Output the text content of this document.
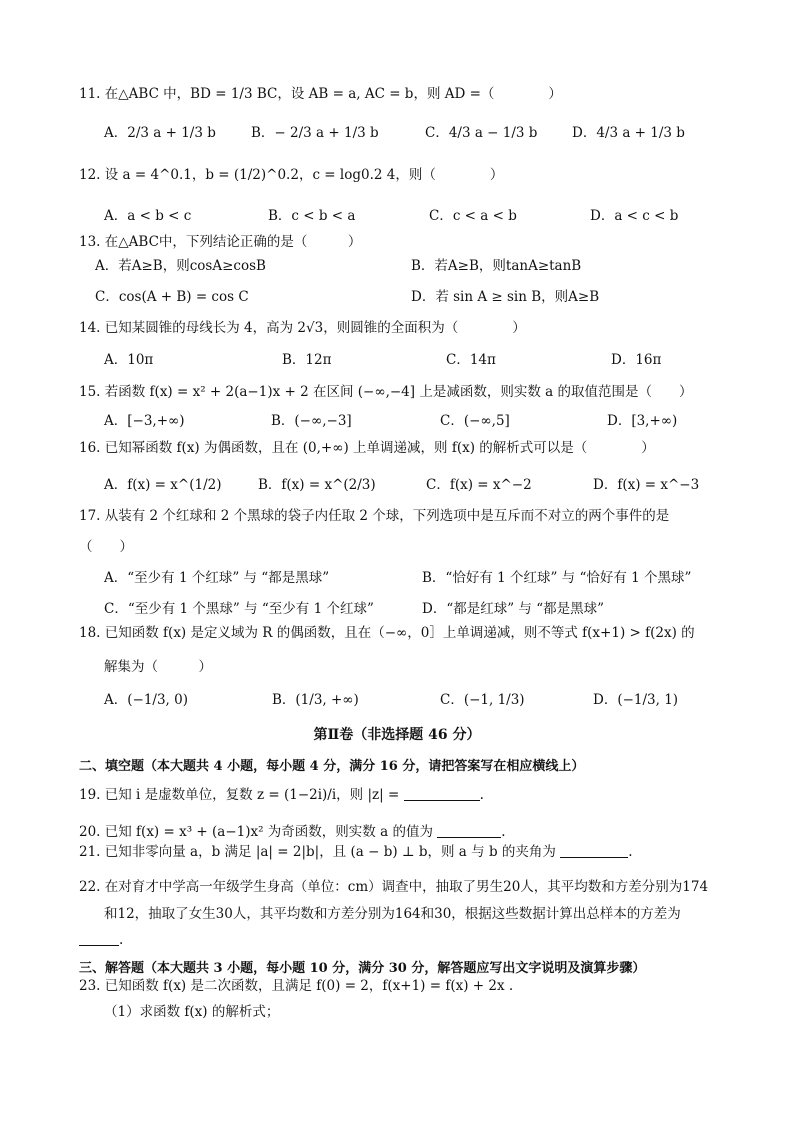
11. 在△ABC 中，BD = 1/3 BC，设 AB = a, AC = b，则 AD =（　　　　）
A．2/3 a + 1/3 b	B．− 2/3 a + 1/3 b	C．4/3 a − 1/3 b	D．4/3 a + 1/3 b
12. 设 a = 4^0.1，b = (1/2)^0.2，c = log0.2 4，则（　　　　）
A．a < b < c	B．c < b < a	C．c < a < b	D．a < c < b
13. 在△ABC中，下列结论正确的是（　　　）
A．若A≥B，则cosA≥cosB	B．若A≥B，则tanA≥tanB
C．cos(A + B) = cos C	D．若 sin A ≥ sin B，则A≥B
14. 已知某圆锥的母线长为 4，高为 2√3，则圆锥的全面积为（　　　　）
A．10π	B．12π	C．14π	D．16π
15. 若函数 f(x) = x² + 2(a−1)x + 2 在区间 (−∞,−4] 上是减函数，则实数 a 的取值范围是（　　）
A．[−3,+∞)	B．(−∞,−3]	C．(−∞,5]	D．[3,+∞)
16. 已知幂函数 f(x) 为偶函数，且在 (0,+∞) 上单调递减，则 f(x) 的解析式可以是（　　　　）
A．f(x) = x^(1/2)	B．f(x) = x^(2/3)	C．f(x) = x^−2	D．f(x) = x^−3
17. 从装有 2 个红球和 2 个黑球的袋子内任取 2 个球，下列选项中是互斥而不对立的两个事件的是
（　　）
A．“至少有 1 个红球” 与 “都是黑球”	B．“恰好有 1 个红球” 与 “恰好有 1 个黑球”
C．“至少有 1 个黑球” 与 “至少有 1 个红球”	D．“都是红球” 与 “都是黑球”
18. 已知函数 f(x) 是定义域为 R 的偶函数，且在（−∞，0］上单调递减，则不等式 f(x+1) > f(2x) 的
解集为（　　　）
A．(−1/3, 0)	B．(1/3, +∞)	C．(−1, 1/3)	D．(−1/3, 1)
第Ⅱ卷（非选择题 46 分）
二、填空题（本大题共 4 小题，每小题 4 分，满分 16 分，请把答案写在相应横线上）
19. 已知 i 是虚数单位，复数 z = (1−2i)/i，则 |z| =	.
20. 已知 f(x) = x³ + (a−1)x² 为奇函数，则实数 a 的值为	.
21. 已知非零向量 a，b 满足 |a| = 2|b|，且 (a − b) ⊥ b，则 a 与 b 的夹角为	.
22. 在对育才中学高一年级学生身高（单位：cm）调查中，抽取了男生20人，其平均数和方差分别为174
和12，抽取了女生30人，其平均数和方差分别为164和30，根据这些数据计算出总样本的方差为
.
三、解答题（本大题共 3 小题，每小题 10 分，满分 30 分，解答题应写出文字说明及演算步骤）
23. 已知函数 f(x) 是二次函数，且满足 f(0) = 2，f(x+1) = f(x) + 2x .
（1）求函数 f(x) 的解析式；
